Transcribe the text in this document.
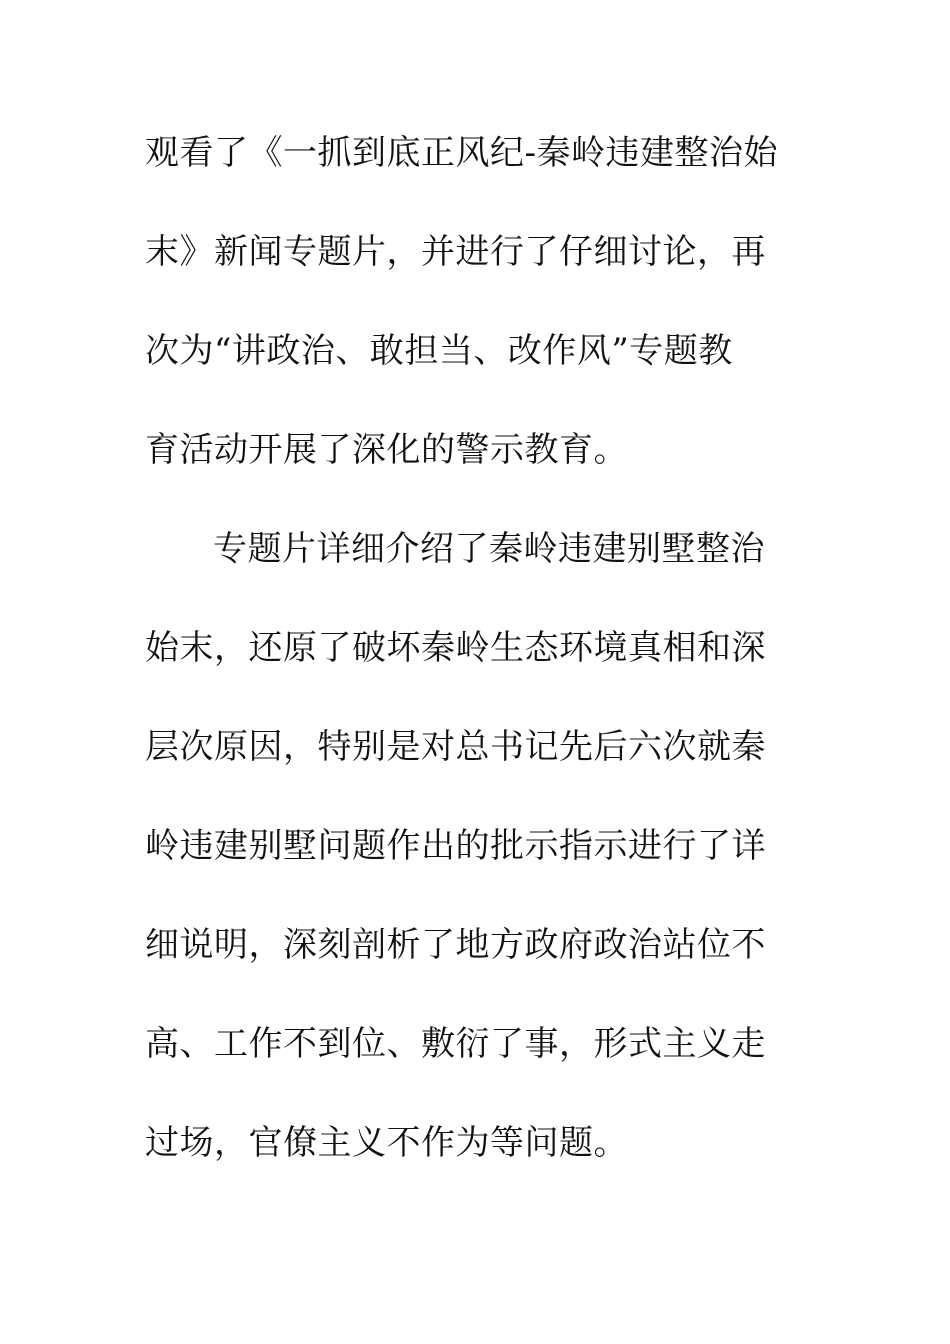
观看了《一抓到底正风纪-秦岭违建整治始
末》新闻专题片，并进行了仔细讨论，再
次为“讲政治、敢担当、改作风”专题教
育活动开展了深化的警示教育。
专题片详细介绍了秦岭违建别墅整治
始末，还原了破坏秦岭生态环境真相和深
层次原因，特别是对总书记先后六次就秦
岭违建别墅问题作出的批示指示进行了详
细说明，深刻剖析了地方政府政治站位不
高、工作不到位、敷衍了事，形式主义走
过场，官僚主义不作为等问题。
